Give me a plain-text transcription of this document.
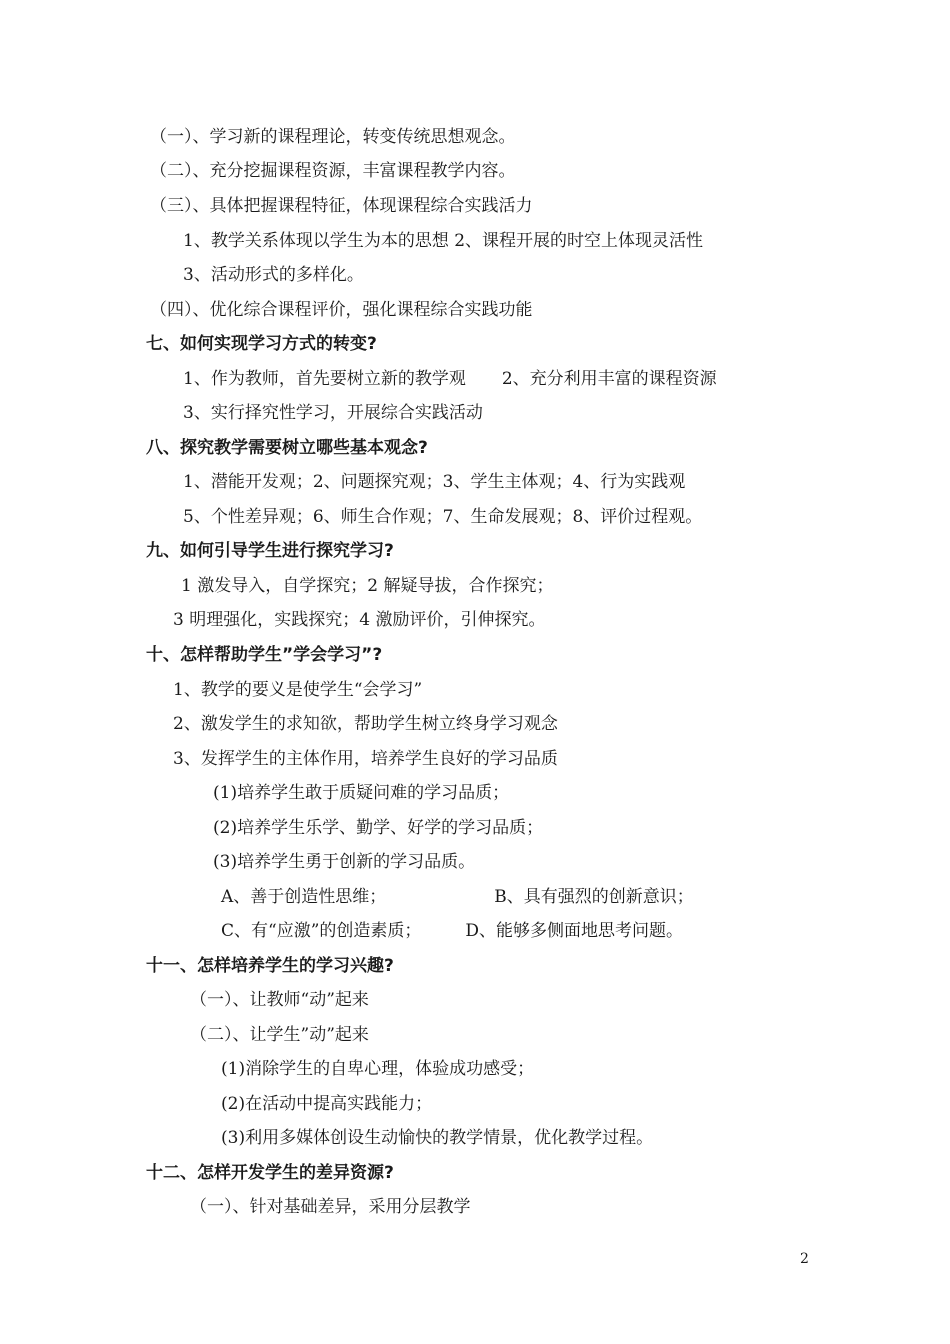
（一）、学习新的课程理论，转变传统思想观念。
（二）、充分挖掘课程资源，丰富课程教学内容。
（三）、具体把握课程特征，体现课程综合实践活力
1、教学关系体现以学生为本的思想 2、课程开展的时空上体现灵活性
3、活动形式的多样化。
（四）、优化综合课程评价，强化课程综合实践功能
七、如何实现学习方式的转变?
1、作为教师，首先要树立新的教学观 2、充分利用丰富的课程资源
3、实行择究性学习，开展综合实践活动
八、探究教学需要树立哪些基本观念?
1、潜能开发观；2、问题探究观；3、学生主体观；4、行为实践观
5、个性差异观；6、师生合作观；7、生命发展观；8、评价过程观。
九、如何引导学生进行探究学习?
1 激发导入，自学探究；2 解疑导拔，合作探究；
3 明理强化，实践探究；4 激励评价，引伸探究。
十、怎样帮助学生”学会学习”?
1、教学的要义是使学生“会学习”
2、激发学生的求知欲，帮助学生树立终身学习观念
3、发挥学生的主体作用，培养学生良好的学习品质
(1)培养学生敢于质疑问难的学习品质；
(2)培养学生乐学、勤学、好学的学习品质；
(3)培养学生勇于创新的学习品质。
A、善于创造性思维；	B、具有强烈的创新意识；
C、有“应激”的创造素质；	D、能够多侧面地思考问题。
十一、怎样培养学生的学习兴趣?
（一）、让教师“动”起来
（二）、让学生”动”起来
(1)消除学生的自卑心理，体验成功感受；
(2)在活动中提高实践能力；
(3)利用多媒体创设生动愉快的教学情景，优化教学过程。
十二、怎样开发学生的差异资源?
（一）、针对基础差异，采用分层教学
2
